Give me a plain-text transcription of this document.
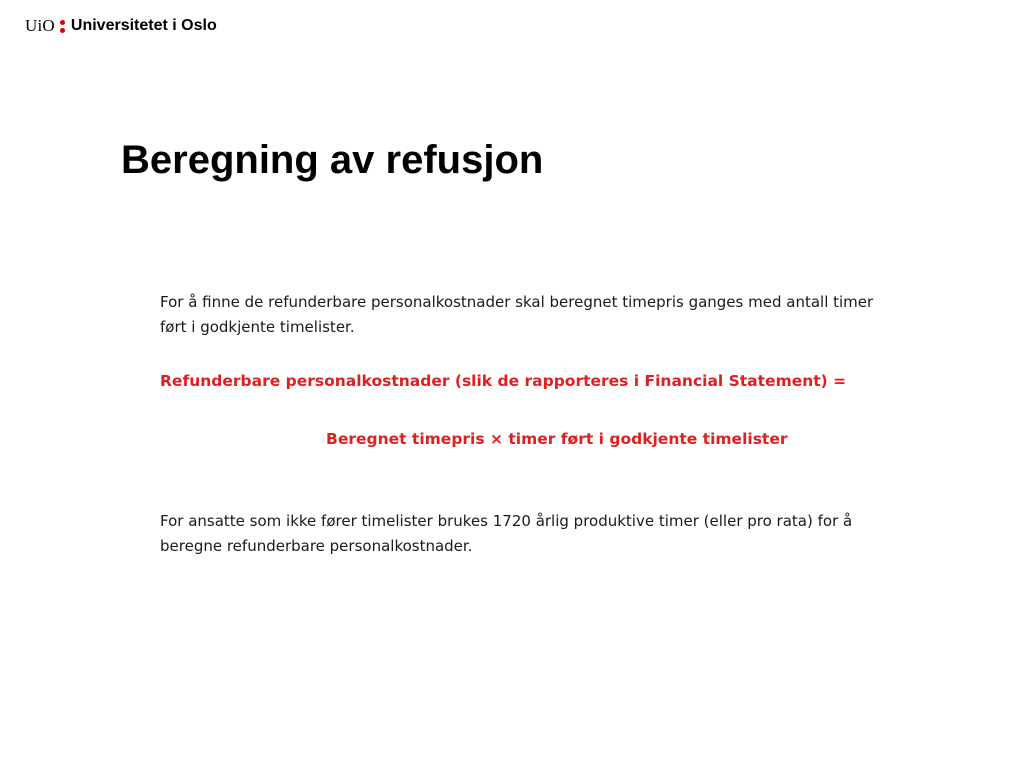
UiO Universitetet i Oslo
Beregning av refusjon

For å finne de refunderbare personalkostnader skal beregnet timepris ganges med antall timer ført i godkjente timelister.

Refunderbare personalkostnader (slik de rapporteres i Financial Statement) =

Beregnet timepris × timer ført i godkjente timelister

For ansatte som ikke fører timelister brukes 1720 årlig produktive timer (eller pro rata) for å beregne refunderbare personalkostnader.
